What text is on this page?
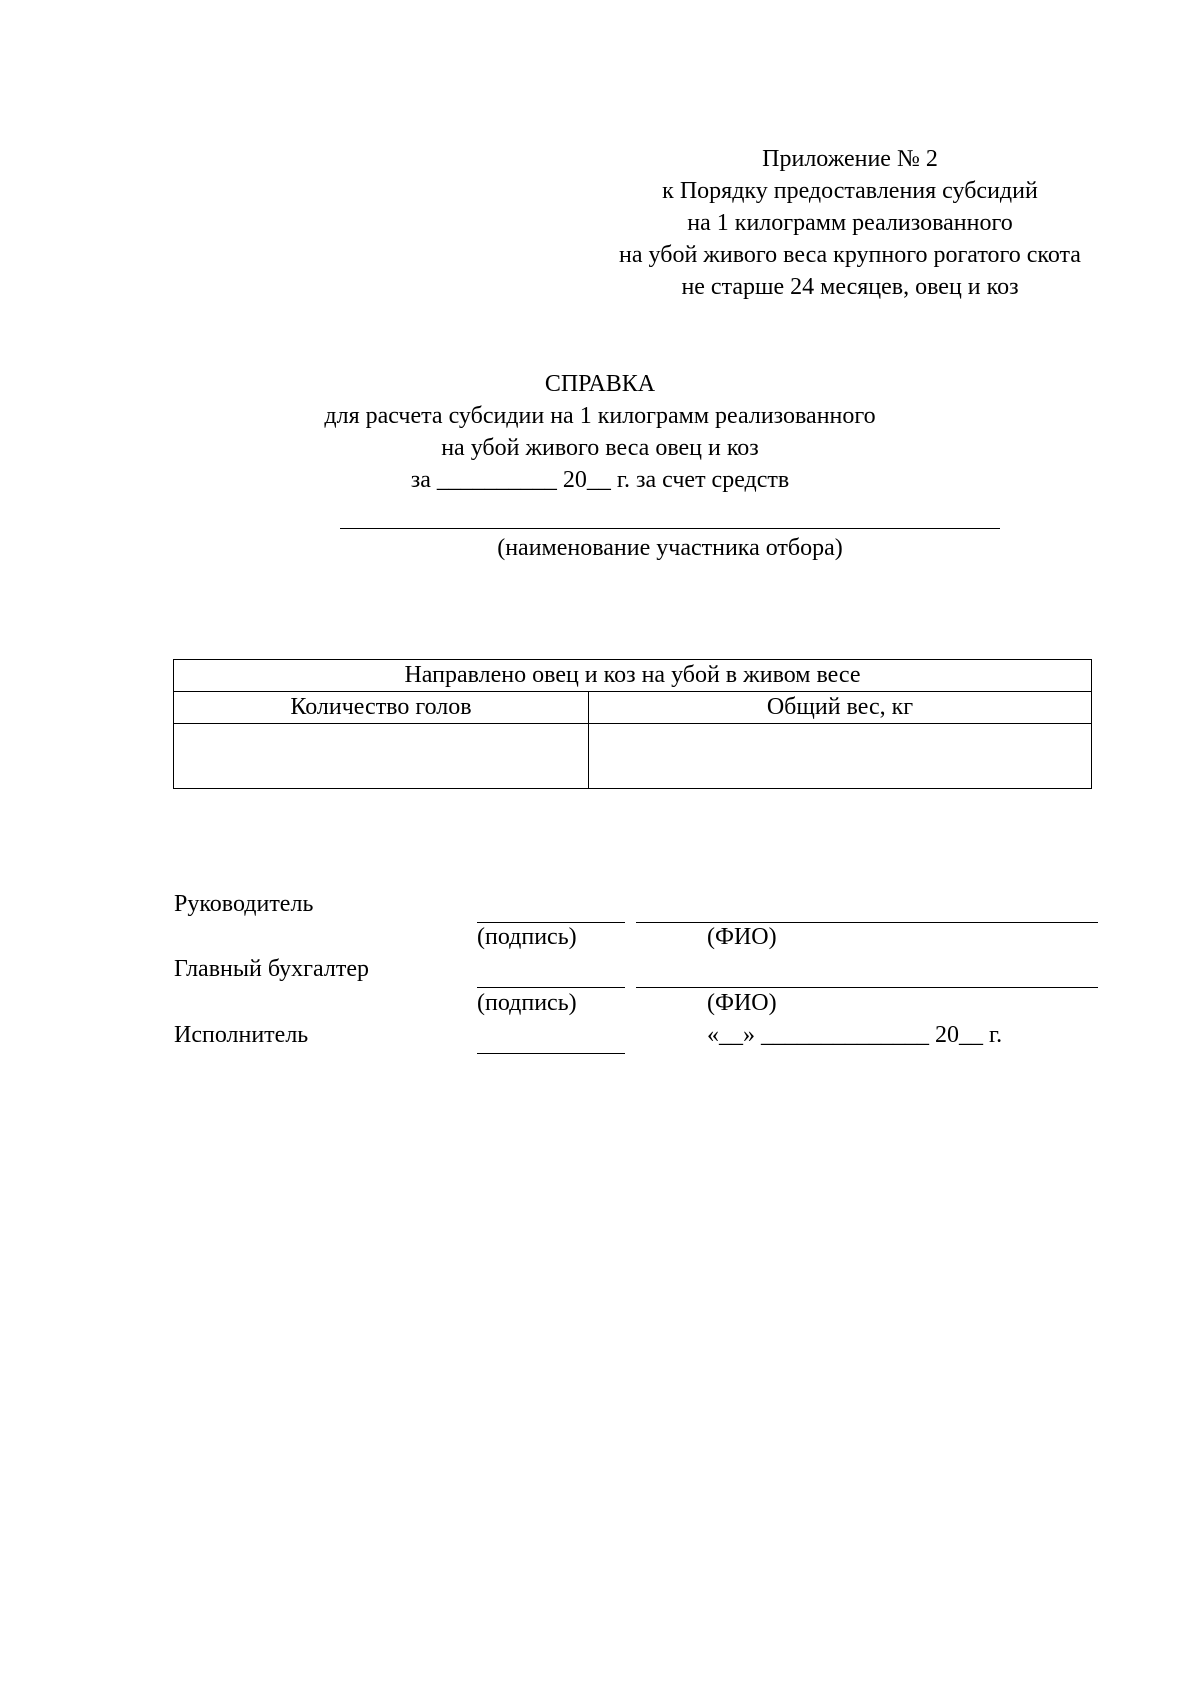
Приложение № 2
к Порядку предоставления субсидий
на 1 килограмм реализованного
на убой живого веса крупного рогатого скота
не старше 24 месяцев, овец и коз
СПРАВКА
для расчета субсидии на 1 килограмм реализованного
на убой живого веса овец и коз
за __________ 20__ г. за счет средств
(наименование участника отбора)
Направлено овец и коз на убой в живом весе	
Количество голов	Общий вес, кг

Руководитель
(подпись)	(ФИО)
Главный бухгалтер
(подпись)	(ФИО)
Исполнитель	«__» ______________ 20__ г.
